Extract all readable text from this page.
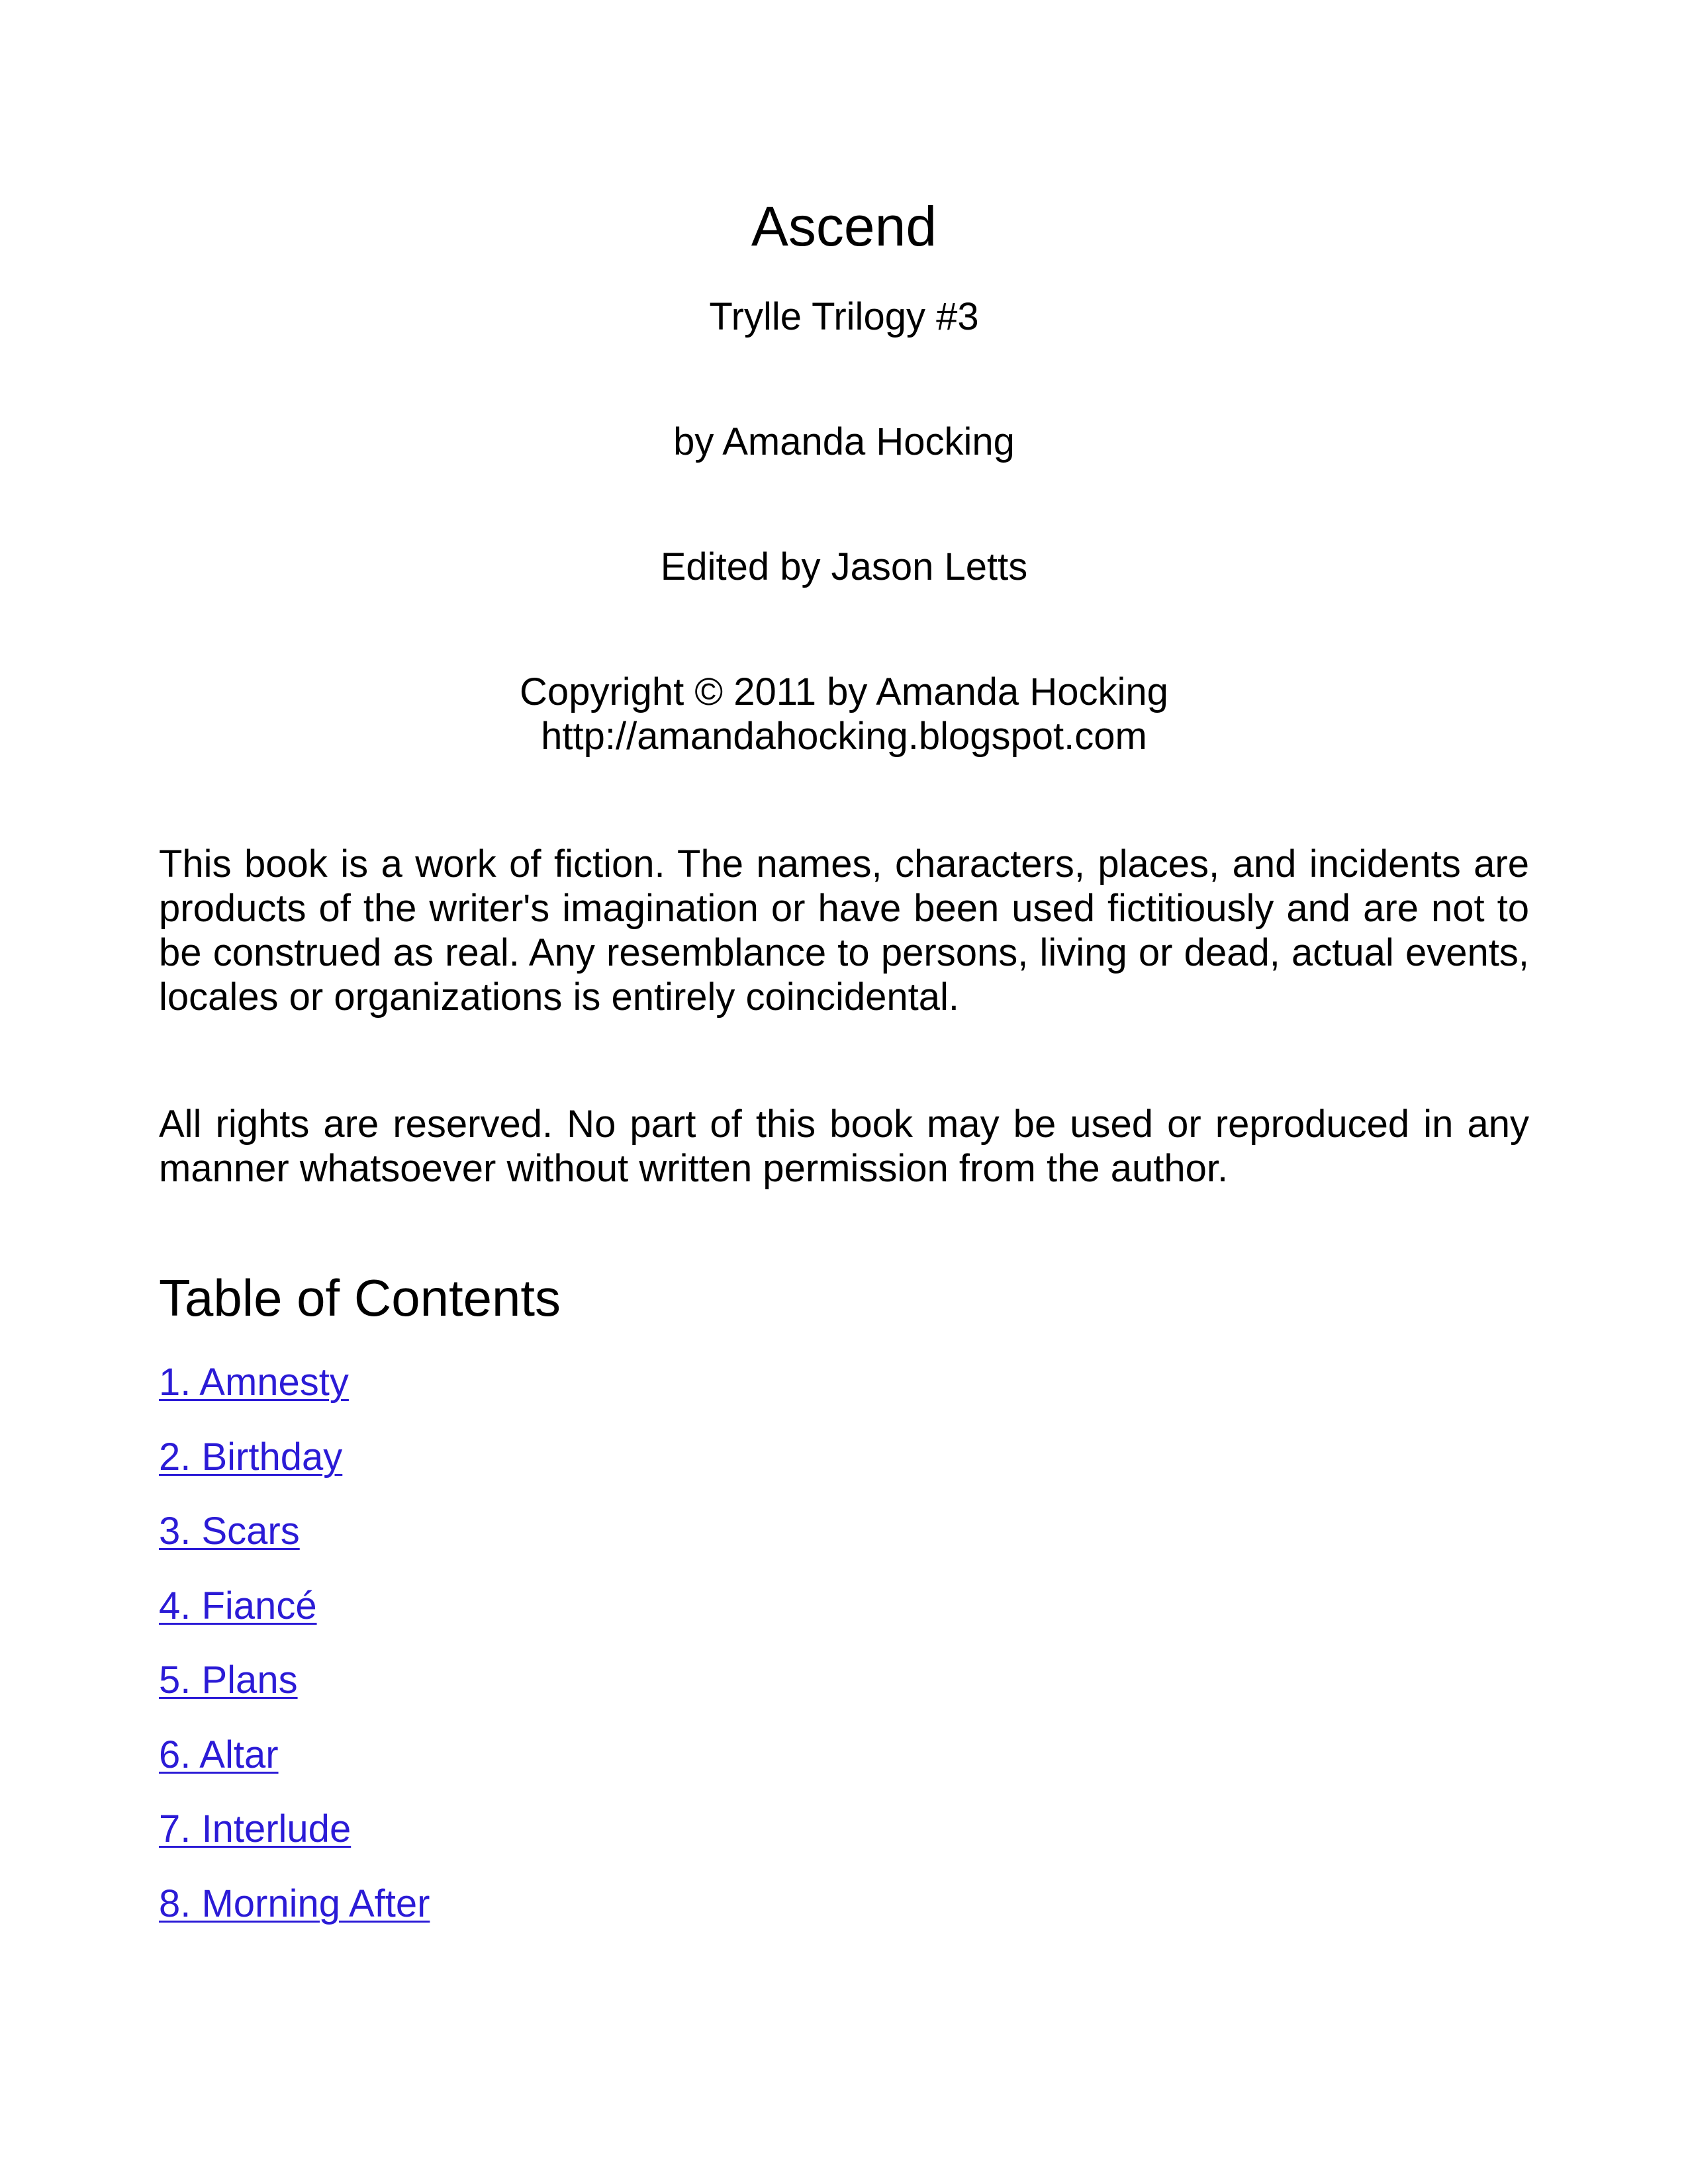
Ascend
Trylle Trilogy #3
by Amanda Hocking
Edited by Jason Letts
Copyright © 2011 by Amanda Hocking
http://amandahocking.blogspot.com
This book is a work of fiction. The names, characters, places, and incidents are products of the writer's imagination or have been used fictitiously and are not to be construed as real. Any resemblance to persons, living or dead, actual events, locales or organizations is entirely coincidental.
All rights are reserved. No part of this book may be used or reproduced in any manner whatsoever without written permission from the author.
Table of Contents
1. Amnesty
2. Birthday
3. Scars
4. Fiancé
5. Plans
6. Altar
7. Interlude
8. Morning After
